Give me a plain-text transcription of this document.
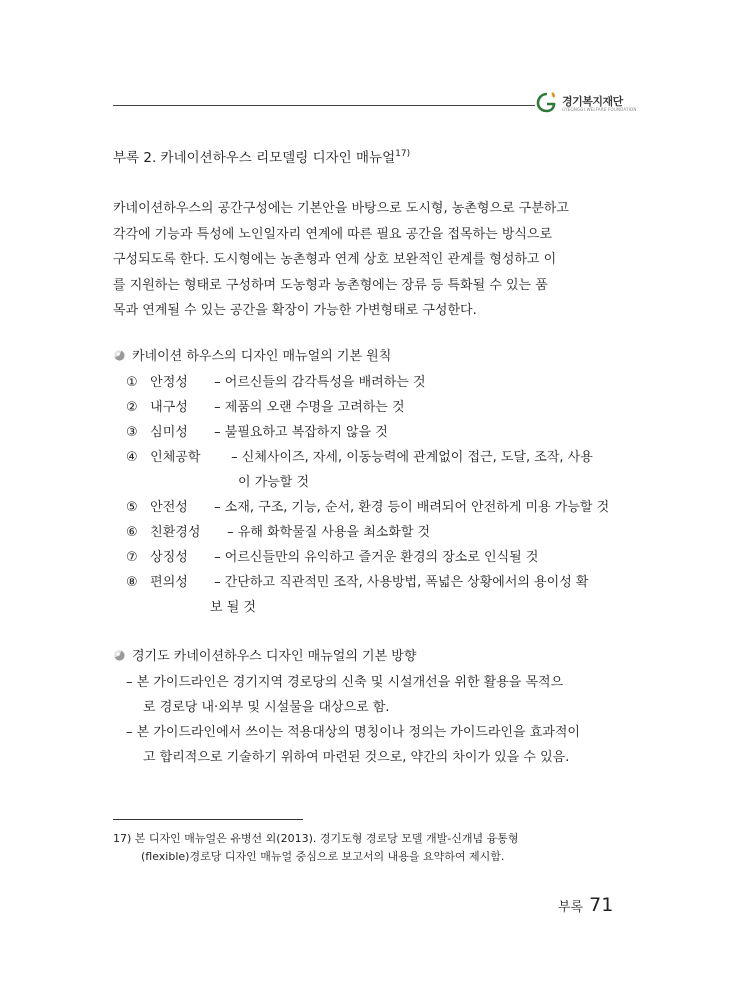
경기복지재단
GYEONGGI WELFARE FOUNDATION
부록 2. 카네이션하우스 리모델링 디자인 매뉴얼$^{17)}$
카네이션하우스의 공간구성에는 기본안을 바탕으로 도시형, 농촌형으로 구분하고
각각에 기능과 특성에 노인일자리 연계에 따른 필요 공간을 접목하는 방식으로
구성되도록 한다. 도시형에는 농촌형과 연계 상호 보완적인 관계를 형성하고 이
를 지원하는 형태로 구성하며 도농형과 농촌형에는 장류 등 특화될 수 있는 품
목과 연계될 수 있는 공간을 확장이 가능한 가변형태로 구성한다.
카네이션 하우스의 디자인 매뉴얼의 기본 원칙
① 안정성 – 어르신들의 감각특성을 배려하는 것
② 내구성 – 제품의 오랜 수명을 고려하는 것
③ 심미성 – 불필요하고 복잡하지 않을 것
④ 인체공학 – 신체사이즈, 자세, 이동능력에 관계없이 접근, 도달, 조작, 사용
이 가능할 것
⑤ 안전성 – 소재, 구조, 기능, 순서, 환경 등이 배려되어 안전하게 미용 가능할 것
⑥ 친환경성 – 유해 화학물질 사용을 최소화할 것
⑦ 상징성 – 어르신들만의 유익하고 즐거운 환경의 장소로 인식될 것
⑧ 편의성 – 간단하고 직관적민 조작, 사용방법, 폭넓은 상황에서의 용이성 확
보 될 것
경기도 카네이션하우스 디자인 매뉴얼의 기본 방향
– 본 가이드라인은 경기지역 경로당의 신축 및 시설개선을 위한 활용을 목적으
로 경로당 내·외부 및 시설물을 대상으로 함.
– 본 가이드라인에서 쓰이는 적용대상의 명칭이나 정의는 가이드라인을 효과적이
고 합리적으로 기술하기 위하여 마련된 것으로, 약간의 차이가 있을 수 있음.
17) 본 디자인 매뉴얼은 유병선 외(2013). 경기도형 경로당 모델 개발-신개념 융통형
(flexible)경로당 디자인 매뉴얼 중심으로 보고서의 내용을 요약하여 제시함.
부록 71
